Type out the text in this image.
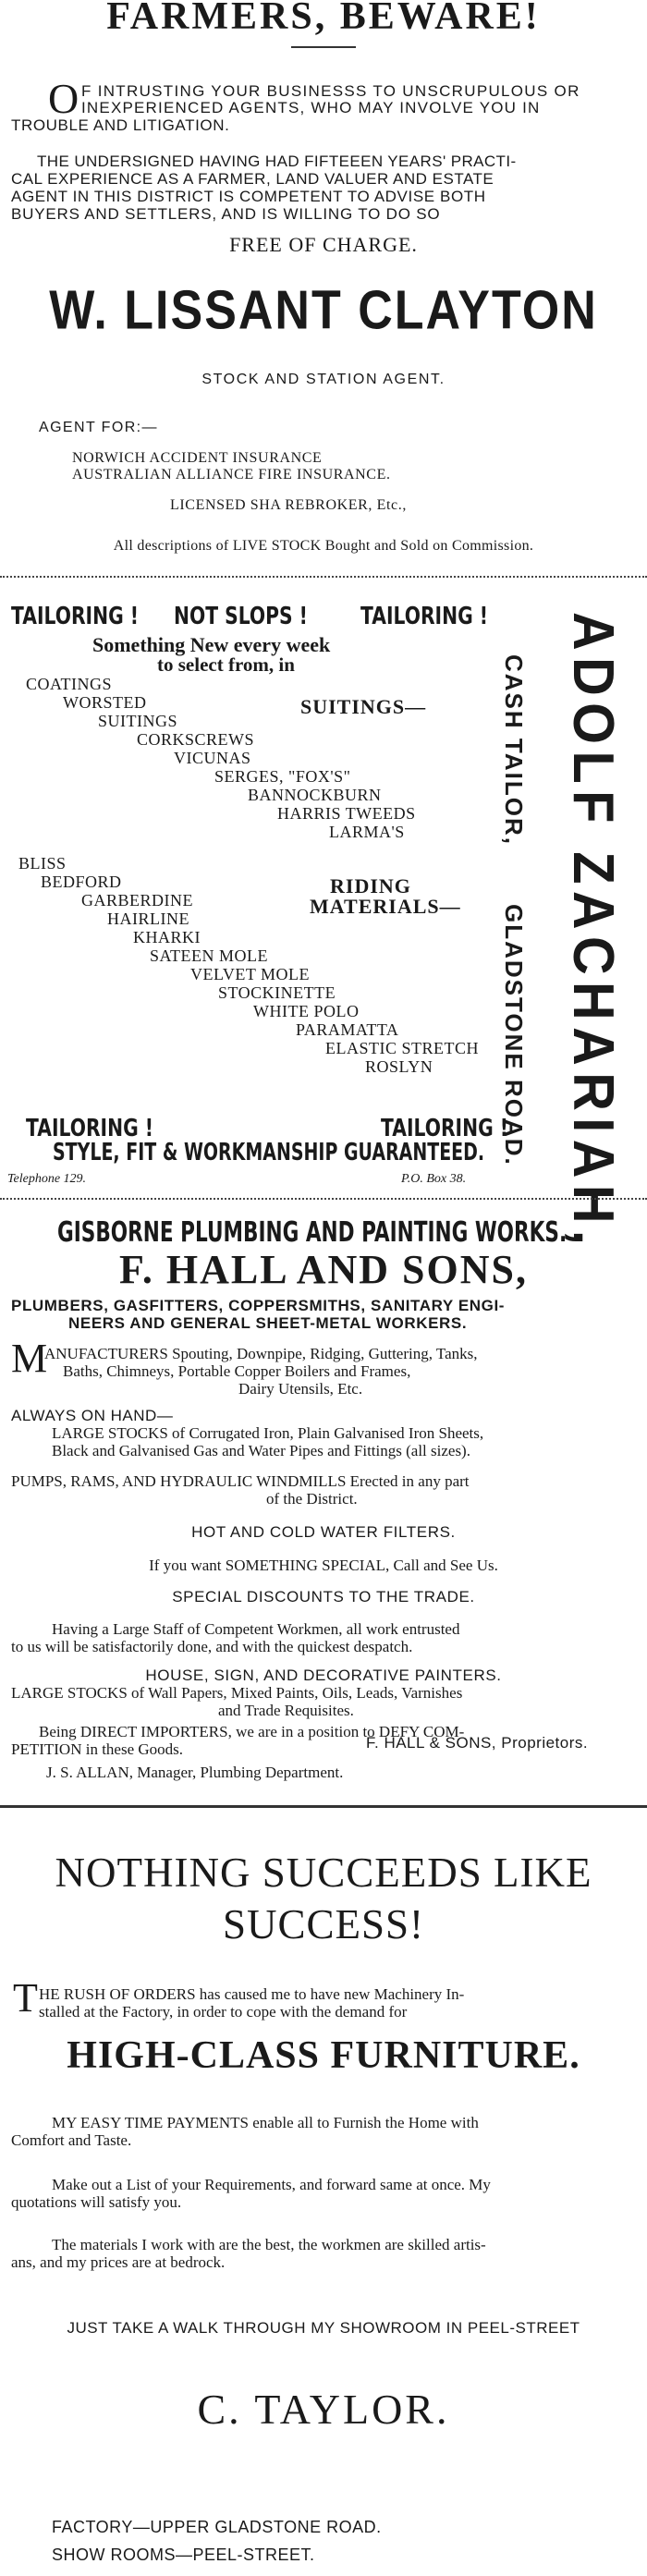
FARMERS, BEWARE!
O F INTRUSTING YOUR BUSINESSS TO UNSCRUPULOUS OR
INEXPERIENCED AGENTS, WHO MAY INVOLVE YOU IN
TROUBLE AND LITIGATION.
THE UNDERSIGNED HAVING HAD FIFTEEEN YEARS' PRACTI-
CAL EXPERIENCE AS A FARMER, LAND VALUER AND ESTATE
AGENT IN THIS DISTRICT IS COMPETENT TO ADVISE BOTH
BUYERS AND SETTLERS, AND IS WILLING TO DO SO
FREE OF CHARGE.
W. LISSANT CLAYTON
STOCK AND STATION AGENT.
AGENT FOR:—
NORWICH ACCIDENT INSURANCE
AUSTRALIAN ALLIANCE FIRE INSURANCE.
LICENSED SHA REBROKER, Etc.,
All descriptions of LIVE STOCK Bought and Sold on Commission.
TAILORING ! NOT SLOPS ! TAILORING !
Something New every week
to select from, in
SUITINGS—
COATINGS
WORSTED
SUITINGS
CORKSCREWS
VICUNAS
SERGES, "FOX'S"
BANNOCKBURN
HARRIS TWEEDS
LARMA'S
RIDING
MATERIALS—
BLISS
BEDFORD
GARBERDINE
HAIRLINE
KHARKI
SATEEN MOLE
VELVET MOLE
STOCKINETTE
WHITE POLO
PARAMATTA
ELASTIC STRETCH
ROSLYN
TAILORING !	TAILORING !
STYLE, FIT & WORKMANSHIP GUARANTEED.
Telephone 129.	P.O. Box 38.
CASH TAILOR,
GLADSTONE ROAD. ADOLF ZACHARIAH,
GISBORNE PLUMBING AND PAINTING WORKS.
F. HALL AND SONS,
PLUMBERS, GASFITTERS, COPPERSMITHS, SANITARY ENGI-
NEERS AND GENERAL SHEET-METAL WORKERS.
M
ANUFACTURERS Spouting, Downpipe, Ridging, Guttering, Tanks,
Baths, Chimneys, Portable Copper Boilers and Frames,
Dairy Utensils, Etc.
ALWAYS ON HAND—
LARGE STOCKS of Corrugated Iron, Plain Galvanised Iron Sheets,
Black and Galvanised Gas and Water Pipes and Fittings (all sizes).
PUMPS, RAMS, AND HYDRAULIC WINDMILLS Erected in any part
of the District.
HOT AND COLD WATER FILTERS.
If you want SOMETHING SPECIAL, Call and See Us.
SPECIAL DISCOUNTS TO THE TRADE.
Having a Large Staff of Competent Workmen, all work entrusted
to us will be satisfactorily done, and with the quickest despatch.
HOUSE, SIGN, AND DECORATIVE PAINTERS.
LARGE STOCKS of Wall Papers, Mixed Paints, Oils, Leads, Varnishes
and Trade Requisites.
Being DIRECT IMPORTERS, we are in a position to DEFY COM-
PETITION in these Goods.	F. HALL & SONS, Proprietors.
J. S. ALLAN, Manager, Plumbing Department.
NOTHING SUCCEEDS LIKE
SUCCESS!
T HE RUSH OF ORDERS has caused me to have new Machinery In-
stalled at the Factory, in order to cope with the demand for
HIGH-CLASS FURNITURE.
MY EASY TIME PAYMENTS enable all to Furnish the Home with
Comfort and Taste.
Make out a List of your Requirements, and forward same at once. My
quotations will satisfy you.
The materials I work with are the best, the workmen are skilled artis-
ans, and my prices are at bedrock.
JUST TAKE A WALK THROUGH MY SHOWROOM IN PEEL-STREET
C. TAYLOR.
FACTORY—UPPER GLADSTONE ROAD.
SHOW ROOMS—PEEL-STREET.
